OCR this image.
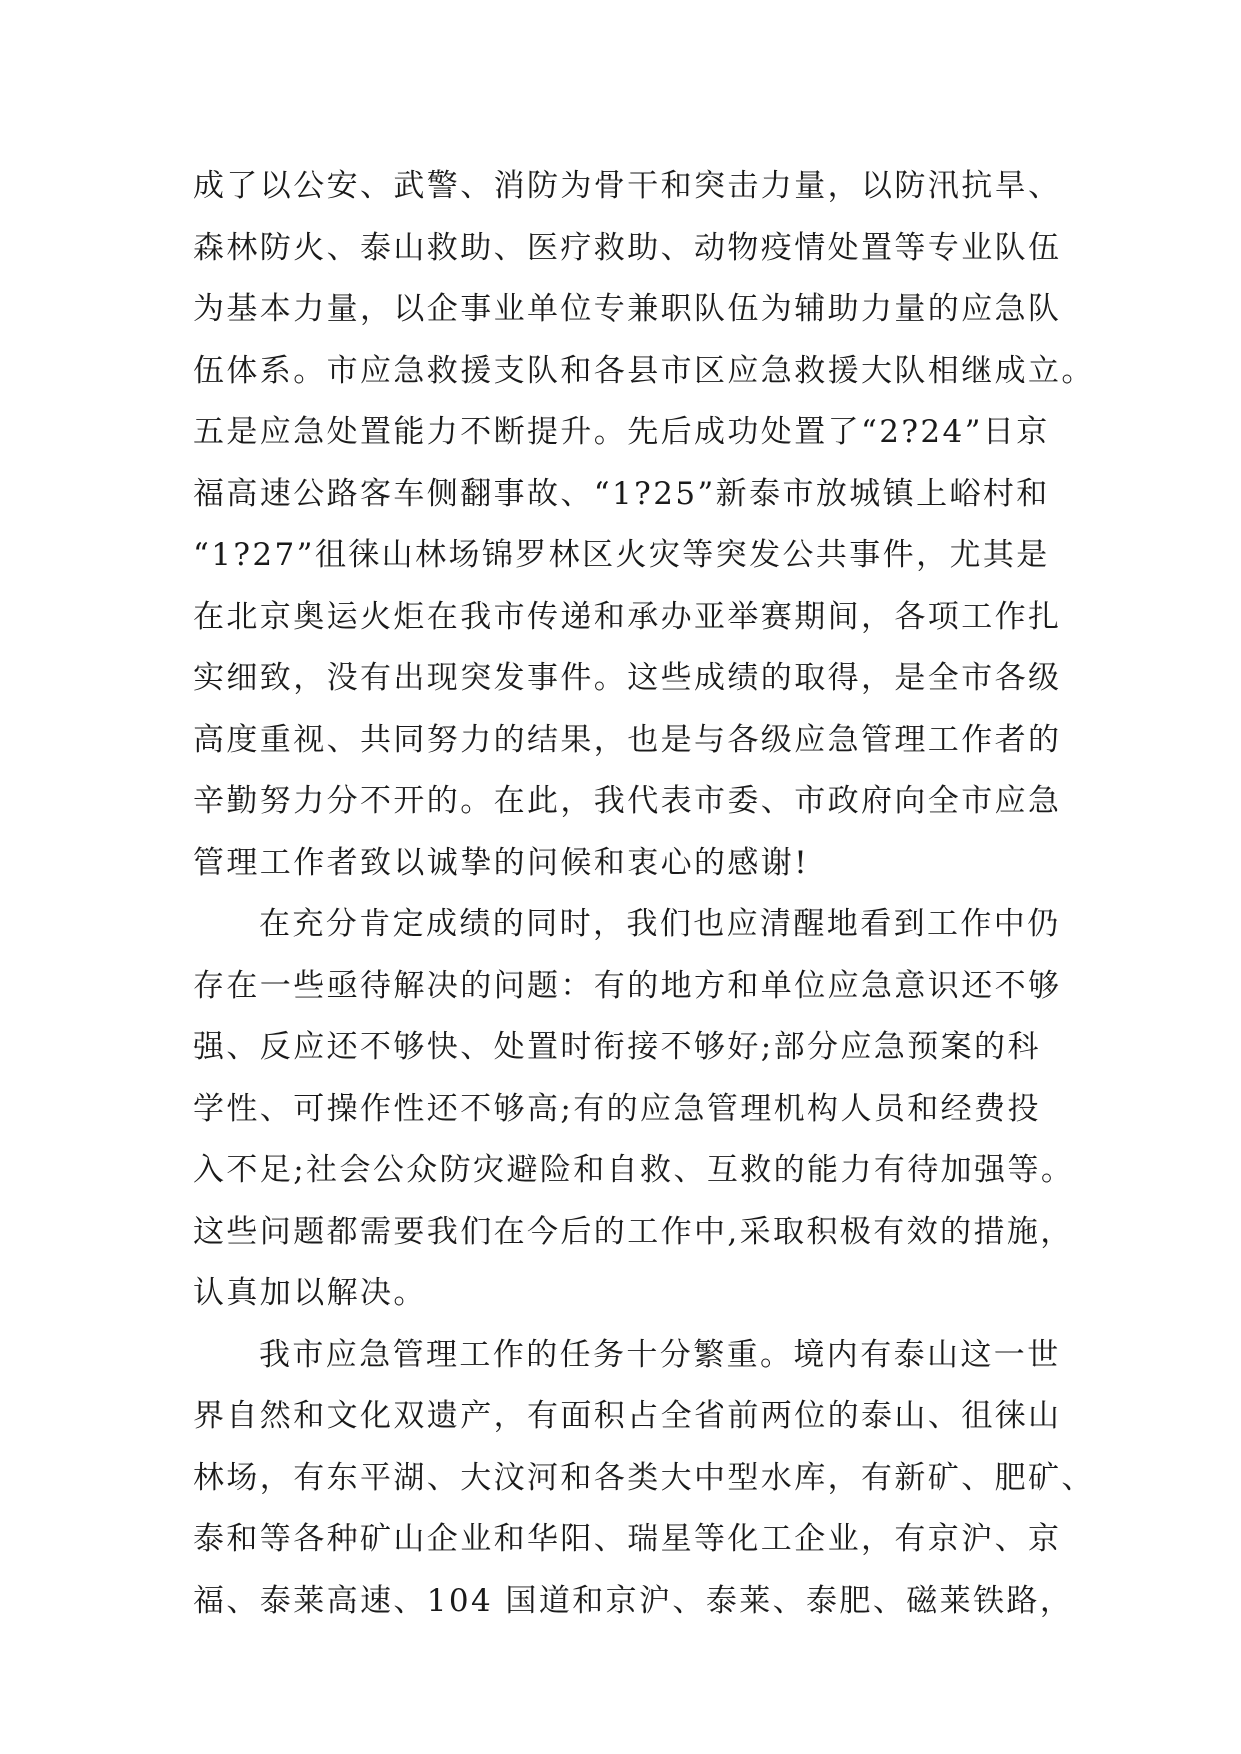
成了以公安、武警、消防为骨干和突击力量，以防汛抗旱、
森林防火、泰山救助、医疗救助、动物疫情处置等专业队伍
为基本力量，以企事业单位专兼职队伍为辅助力量的应急队
伍体系。市应急救援支队和各县市区应急救援大队相继成立。
五是应急处置能力不断提升。先后成功处置了“2?24”日京
福高速公路客车侧翻事故、“1?25”新泰市放城镇上峪村和
“1?27”徂徕山林场锦罗林区火灾等突发公共事件，尤其是
在北京奥运火炬在我市传递和承办亚举赛期间，各项工作扎
实细致，没有出现突发事件。这些成绩的取得，是全市各级
高度重视、共同努力的结果，也是与各级应急管理工作者的
辛勤努力分不开的。在此，我代表市委、市政府向全市应急
管理工作者致以诚挚的问候和衷心的感谢!
在充分肯定成绩的同时，我们也应清醒地看到工作中仍
存在一些亟待解决的问题：有的地方和单位应急意识还不够
强、反应还不够快、处置时衔接不够好;部分应急预案的科
学性、可操作性还不够高;有的应急管理机构人员和经费投
入不足;社会公众防灾避险和自救、互救的能力有待加强等。
这些问题都需要我们在今后的工作中,采取积极有效的措施，
认真加以解决。
我市应急管理工作的任务十分繁重。境内有泰山这一世
界自然和文化双遗产，有面积占全省前两位的泰山、徂徕山
林场，有东平湖、大汶河和各类大中型水库，有新矿、肥矿、
泰和等各种矿山企业和华阳、瑞星等化工企业，有京沪、京
福、泰莱高速、104 国道和京沪、泰莱、泰肥、磁莱铁路，
